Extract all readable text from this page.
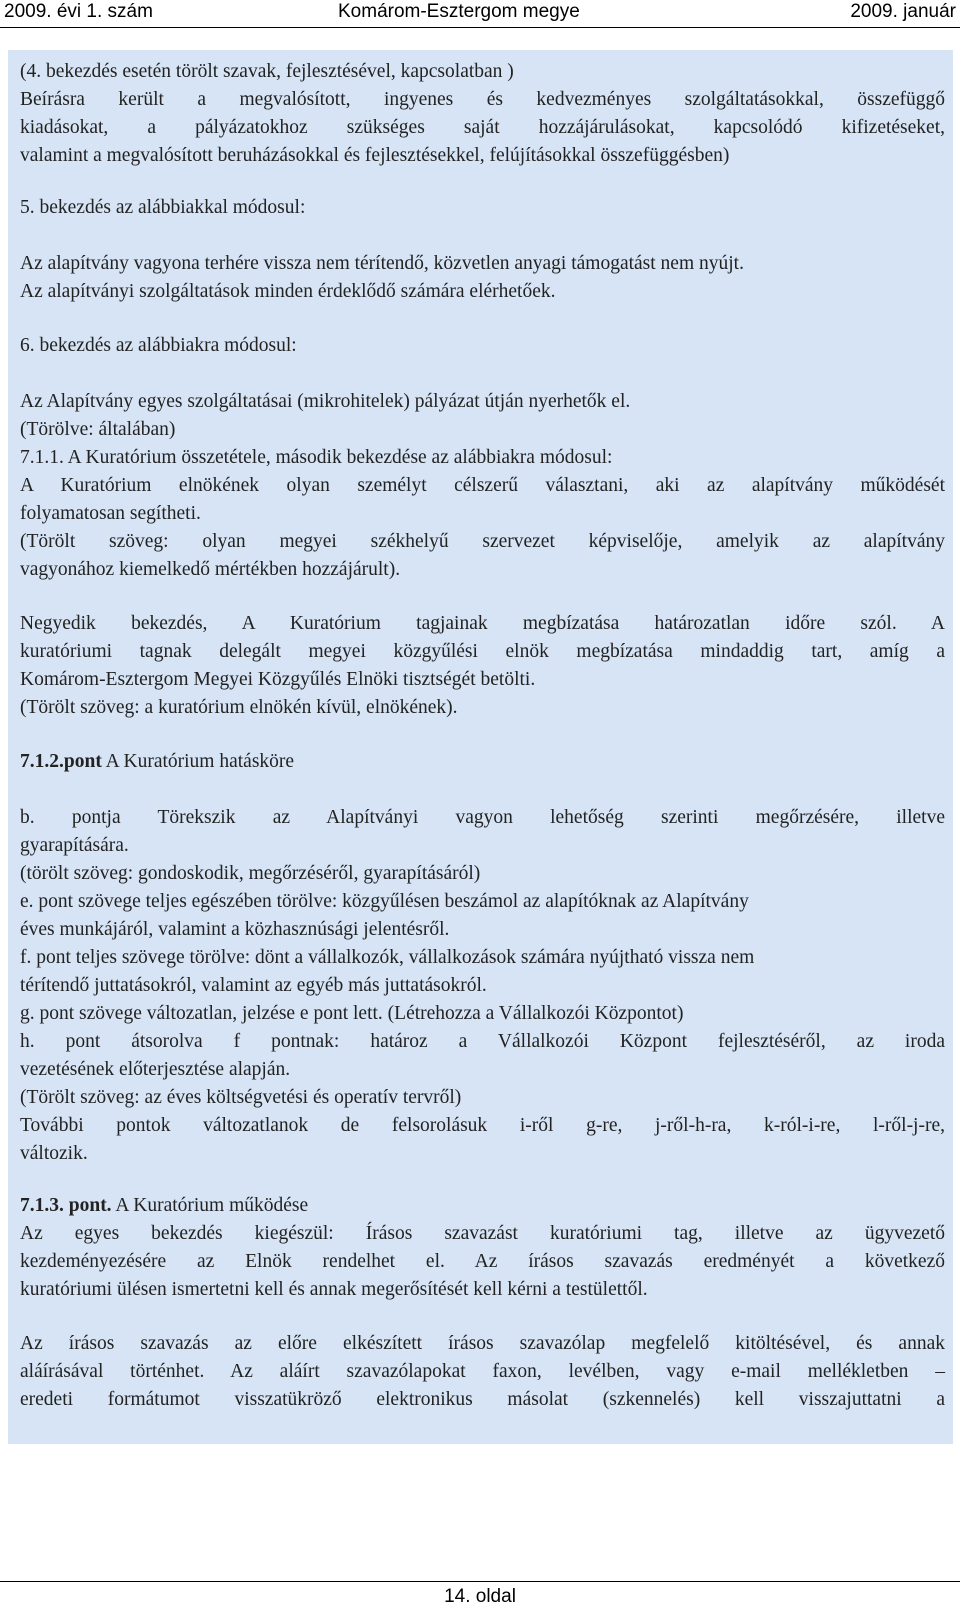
2009. évi 1. szám	Komárom-Esztergom megye	2009. január

(4. bekezdés esetén törölt szavak, fejlesztésével, kapcsolatban )

Beírásra került a megvalósított, ingyenes és kedvezményes szolgáltatásokkal, összefüggő

kiadásokat, a pályázatokhoz szükséges saját hozzájárulásokat, kapcsolódó kifizetéseket,

valamint a megvalósított beruházásokkal és fejlesztésekkel, felújításokkal összefüggésben)

5. bekezdés az alábbiakkal módosul:

Az alapítvány vagyona terhére vissza nem térítendő, közvetlen anyagi támogatást nem nyújt.

Az alapítványi szolgáltatások minden érdeklődő számára elérhetőek.

6. bekezdés az alábbiakra módosul:

Az Alapítvány egyes szolgáltatásai (mikrohitelek) pályázat útján nyerhetők el.

(Törölve: általában)

7.1.1. A Kuratórium összetétele, második bekezdése az alábbiakra módosul:

A Kuratórium elnökének olyan személyt célszerű választani, aki az alapítvány működését

folyamatosan segítheti.

(Törölt szöveg: olyan megyei székhelyű szervezet képviselője, amelyik az alapítvány

vagyonához kiemelkedő mértékben hozzájárult).

Negyedik bekezdés, A Kuratórium tagjainak megbízatása határozatlan időre szól. A

kuratóriumi tagnak delegált megyei közgyűlési elnök megbízatása mindaddig tart, amíg a

Komárom-Esztergom Megyei Közgyűlés Elnöki tisztségét betölti.

(Törölt szöveg: a kuratórium elnökén kívül, elnökének).

7.1.2.pont A Kuratórium hatásköre

b. pontja Törekszik az Alapítványi vagyon lehetőség szerinti megőrzésére, illetve

gyarapítására.

(törölt szöveg: gondoskodik, megőrzéséről, gyarapításáról)

e. pont szövege teljes egészében törölve: közgyűlésen beszámol az alapítóknak az Alapítvány

éves munkájáról, valamint a közhasznúsági jelentésről.

f. pont teljes szövege törölve: dönt a vállalkozók, vállalkozások számára nyújtható vissza nem

térítendő juttatásokról, valamint az egyéb más juttatásokról.

g. pont szövege változatlan, jelzése e pont lett. (Létrehozza a Vállalkozói Központot)

h. pont átsorolva f pontnak: határoz a Vállalkozói Központ fejlesztéséről, az iroda

vezetésének előterjesztése alapján.

(Törölt szöveg: az éves költségvetési és operatív tervről)

További pontok változatlanok de felsorolásuk i-ről g-re, j-ről-h-ra, k-ról-i-re, l-ről-j-re,

változik.

7.1.3. pont. A Kuratórium működése

Az egyes bekezdés kiegészül: Írásos szavazást kuratóriumi tag, illetve az ügyvezető

kezdeményezésére az Elnök rendelhet el. Az írásos szavazás eredményét a következő

kuratóriumi ülésen ismertetni kell és annak megerősítését kell kérni a testülettől.

Az írásos szavazás az előre elkészített írásos szavazólap megfelelő kitöltésével, és annak

aláírásával történhet. Az aláírt szavazólapokat faxon, levélben, vagy e-mail mellékletben –

eredeti formátumot visszatükröző elektronikus másolat (szkennelés) kell visszajuttatni a

14. oldal
